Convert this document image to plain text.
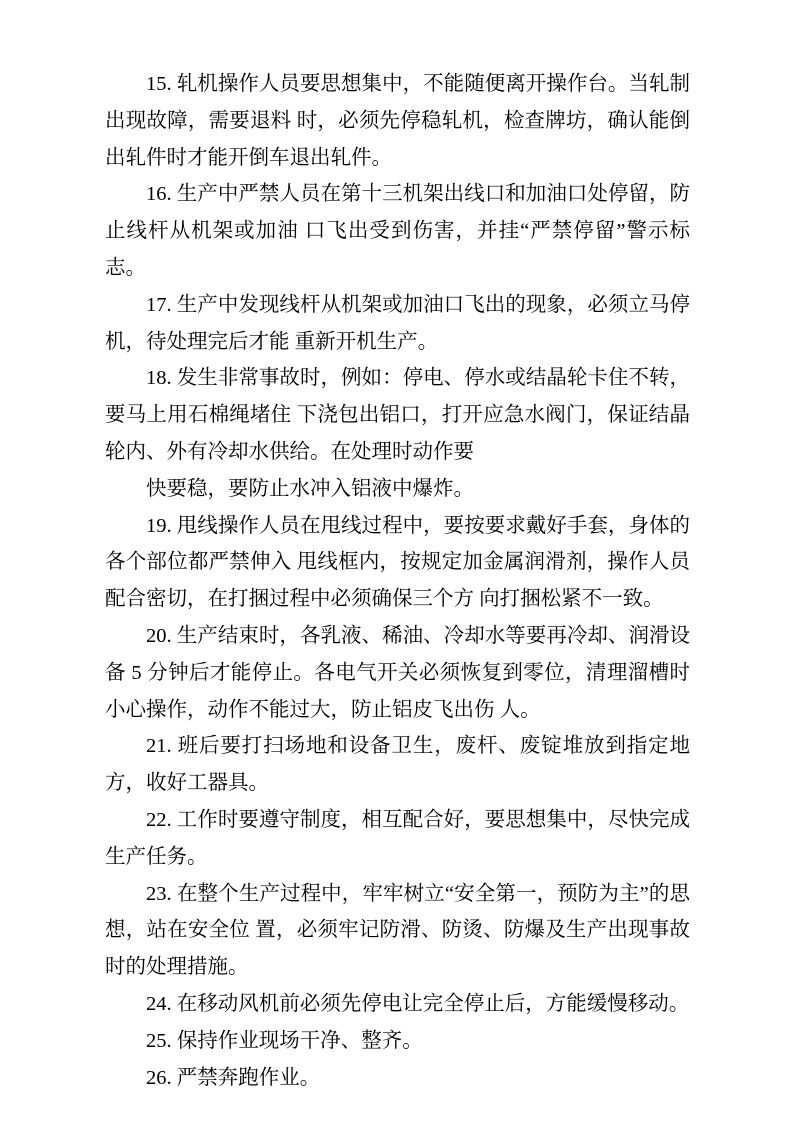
15. 轧机操作人员要思想集中，不能随便离开操作台。当轧制出现故障，需要退料 时，必须先停稳轧机，检查牌坊，确认能倒出轧件时才能开倒车退出轧件。

16. 生产中严禁人员在第十三机架出线口和加油口处停留，防止线杆从机架或加油 口飞出受到伤害，并挂“严禁停留”警示标志。

17. 生产中发现线杆从机架或加油口飞出的现象，必须立马停机，待处理完后才能 重新开机生产。

18. 发生非常事故时，例如：停电、停水或结晶轮卡住不转，要马上用石棉绳堵住 下浇包出铝口，打开应急水阀门，保证结晶轮内、外有冷却水供给。在处理时动作要

快要稳，要防止水冲入铝液中爆炸。

19. 甩线操作人员在甩线过程中，要按要求戴好手套，身体的各个部位都严禁伸入 甩线框内，按规定加金属润滑剂，操作人员配合密切，在打捆过程中必须确保三个方 向打捆松紧不一致。

20. 生产结束时，各乳液、稀油、冷却水等要再冷却、润滑设备 5 分钟后才能停止。各电气开关必须恢复到零位，清理溜槽时小心操作，动作不能过大，防止铝皮飞出伤 人。

21. 班后要打扫场地和设备卫生，废杆、废锭堆放到指定地方，收好工器具。

22. 工作时要遵守制度，相互配合好，要思想集中，尽快完成生产任务。

23. 在整个生产过程中，牢牢树立“安全第一，预防为主”的思想，站在安全位 置，必须牢记防滑、防烫、防爆及生产出现事故时的处理措施。

24. 在移动风机前必须先停电让完全停止后，方能缓慢移动。

25. 保持作业现场干净、整齐。

26. 严禁奔跑作业。
